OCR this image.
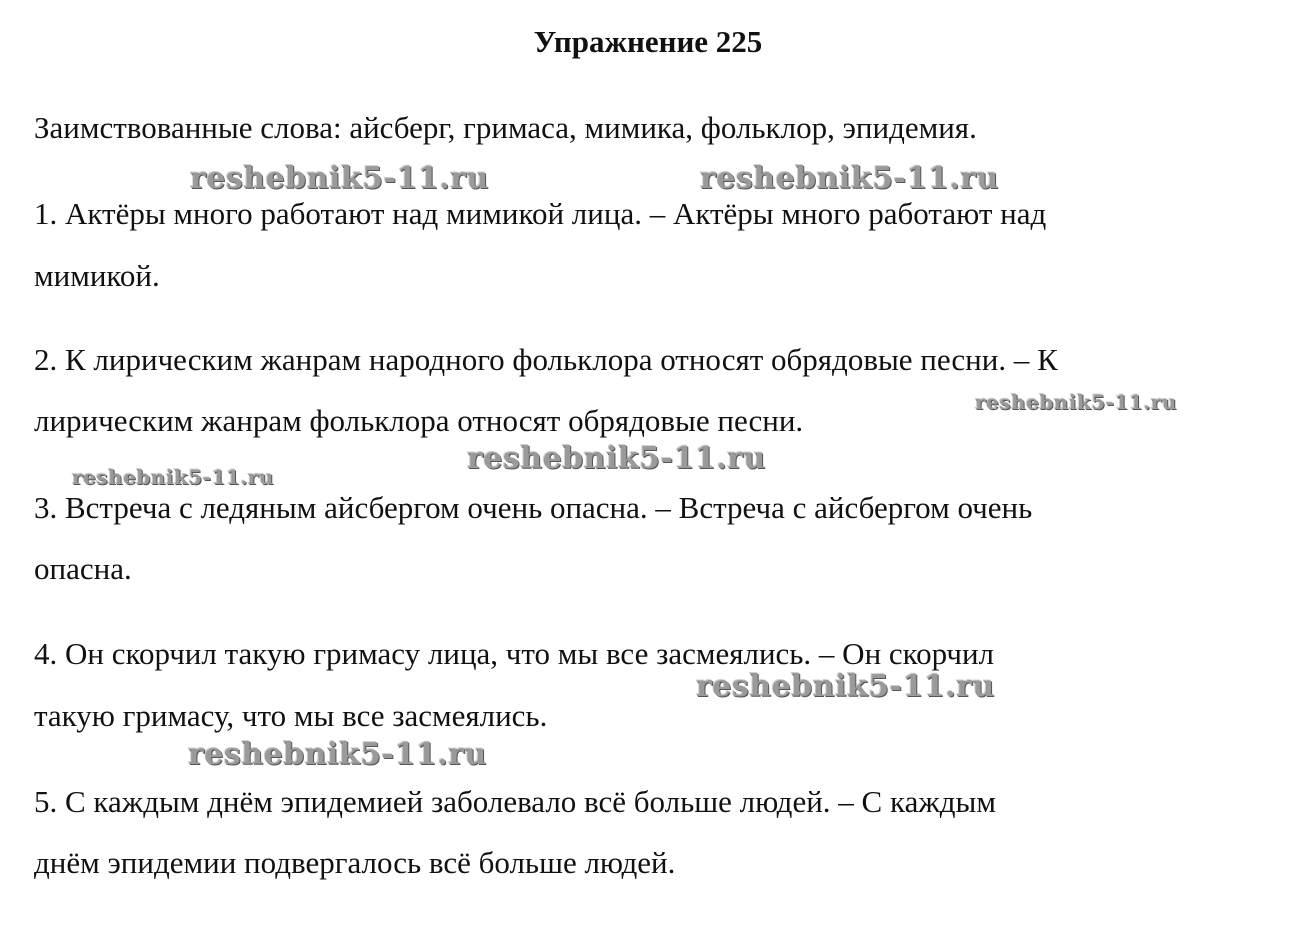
Упражнение 225
Заимствованные слова: айсберг, гримаса, мимика, фольклор, эпидемия.
1. Актёры много работают над мимикой лица. – Актёры много работают над
мимикой.
2. К лирическим жанрам народного фольклора относят обрядовые песни. – К
лирическим жанрам фольклора относят обрядовые песни.
3. Встреча с ледяным айсбергом очень опасна. – Встреча с айсбергом очень
опасна.
4. Он скорчил такую гримасу лица, что мы все засмеялись. – Он скорчил
такую гримасу, что мы все засмеялись.
5. С каждым днём эпидемией заболевало всё больше людей. – С каждым
днём эпидемии подвергалось всё больше людей.
reshebnik5-11.ru	reshebnik5-11.ru
reshebnik5-11.ru
reshebnik5-11.ru
reshebnik5-11.ru
reshebnik5-11.ru
reshebnik5-11.ru
